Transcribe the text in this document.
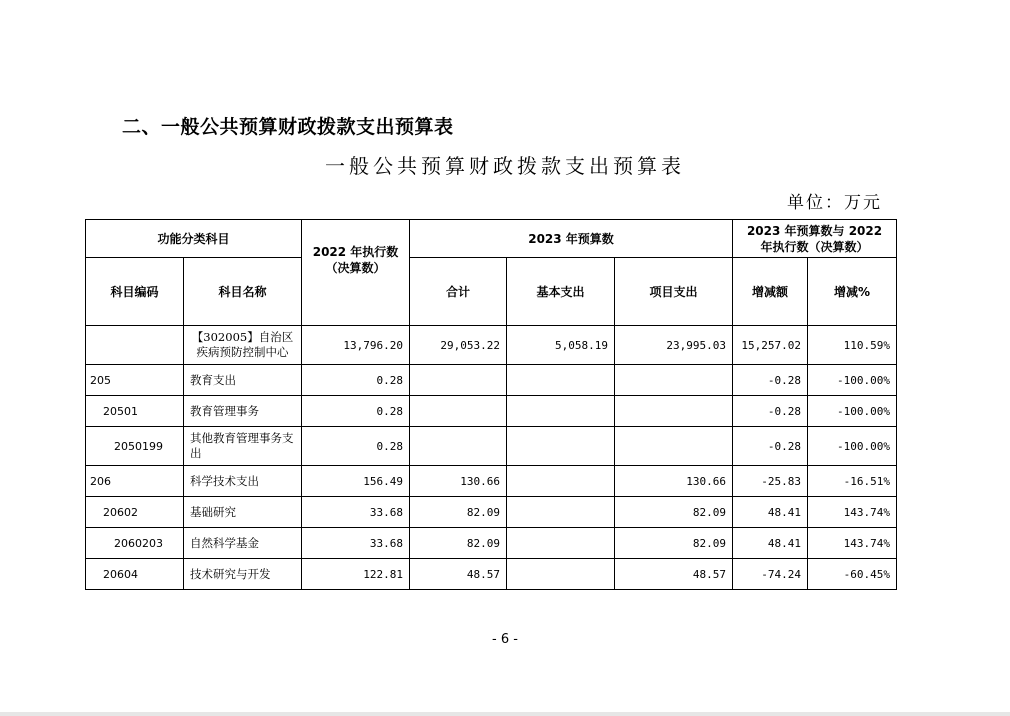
二、一般公共预算财政拨款支出预算表
一般公共预算财政拨款支出预算表
单位：万元
功能分类科目		2022 年执行数（决算数）	2023 年预算数			2023 年预算数与 2022 年执行数（决算数）	
科目编码	科目名称		合计	基本支出	项目支出	增减额	增减%
	【302005】自治区疾病预防控制中心	13,796.20	29,053.22	5,058.19	23,995.03	15,257.02	110.59%
205	教育支出	0.28				-0.28	-100.00%
20501	教育管理事务	0.28				-0.28	-100.00%
2050199	其他教育管理事务支出	0.28				-0.28	-100.00%
206	科学技术支出	156.49	130.66		130.66	-25.83	-16.51%
20602	基础研究	33.68	82.09		82.09	48.41	143.74%
2060203	自然科学基金	33.68	82.09		82.09	48.41	143.74%
20604	技术研究与开发	122.81	48.57		48.57	-74.24	-60.45%
- 6 -
